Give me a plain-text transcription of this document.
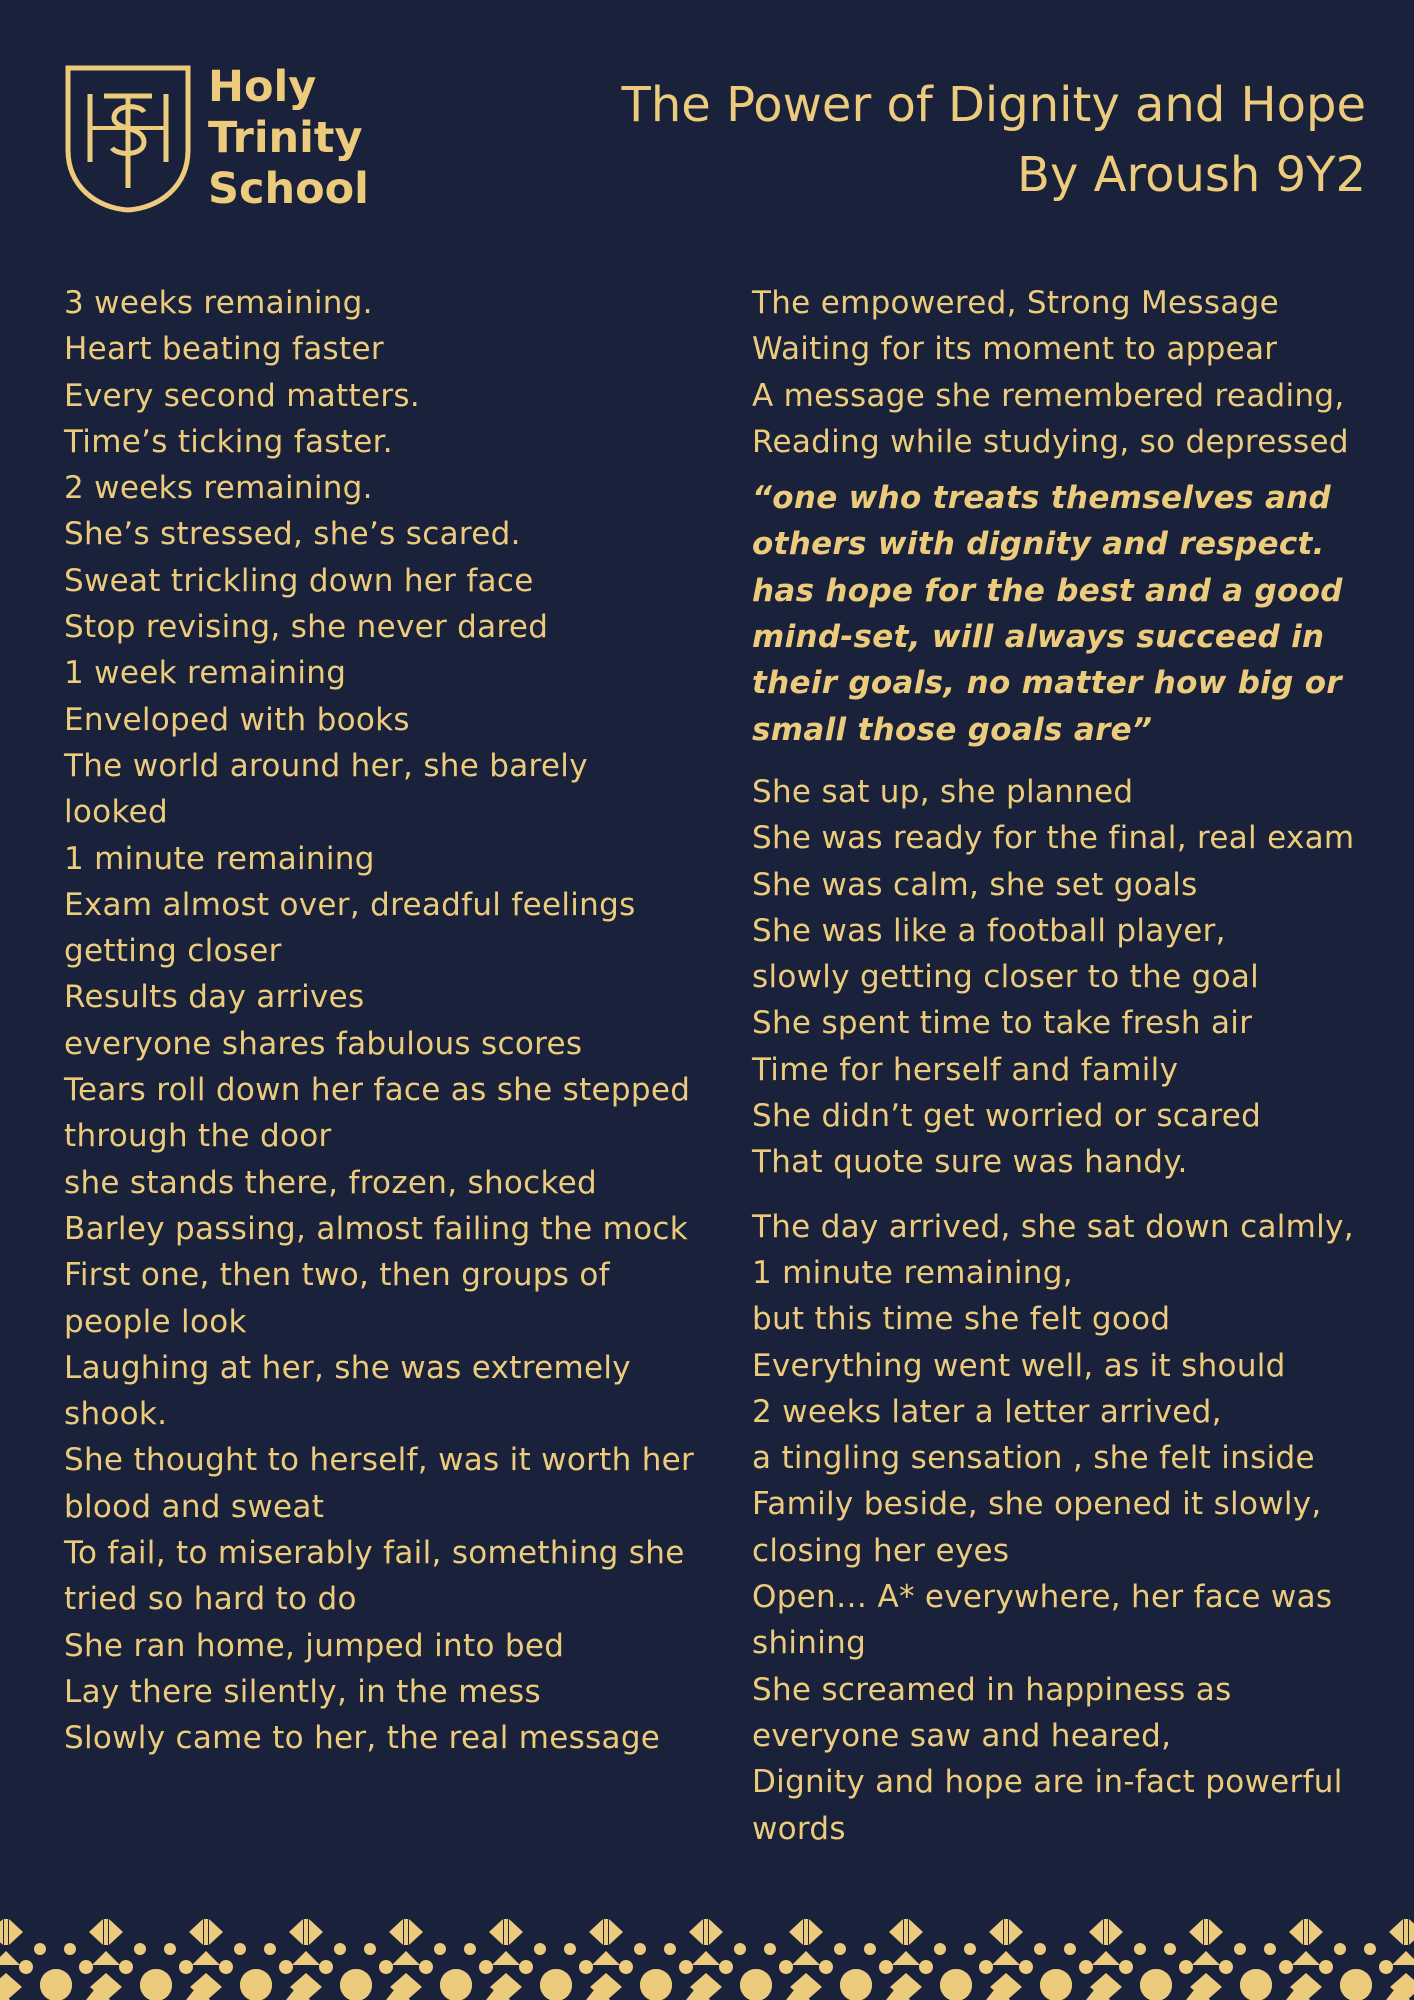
Holy
Trinity
School
The Power of Dignity and Hope
By Aroush 9Y2
3 weeks remaining.
Heart beating faster
Every second matters.
Time’s ticking faster.
2 weeks remaining.
She’s stressed, she’s scared.
Sweat trickling down her face
Stop revising, she never dared
1 week remaining
Enveloped with books
The world around her, she barely
looked
1 minute remaining
Exam almost over, dreadful feelings
getting closer
Results day arrives
everyone shares fabulous scores
Tears roll down her face as she stepped
through the door
she stands there, frozen, shocked
Barley passing, almost failing the mock
First one, then two, then groups of
people look
Laughing at her, she was extremely
shook.
She thought to herself, was it worth her
blood and sweat
To fail, to miserably fail, something she
tried so hard to do
She ran home, jumped into bed
Lay there silently, in the mess
Slowly came to her, the real message
The empowered, Strong Message
Waiting for its moment to appear
A message she remembered reading,
Reading while studying, so depressed
“one who treats themselves and
others with dignity and respect.
has hope for the best and a good
mind-set, will always succeed in
their goals, no matter how big or
small those goals are”
She sat up, she planned
She was ready for the final, real exam
She was calm, she set goals
She was like a football player,
slowly getting closer to the goal
She spent time to take fresh air
Time for herself and family
She didn’t get worried or scared
That quote sure was handy.
The day arrived, she sat down calmly,
1 minute remaining,
but this time she felt good
Everything went well, as it should
2 weeks later a letter arrived,
a tingling sensation , she felt inside
Family beside, she opened it slowly,
closing her eyes
Open… A* everywhere, her face was
shining
She screamed in happiness as
everyone saw and heared,
Dignity and hope are in-fact powerful
words
